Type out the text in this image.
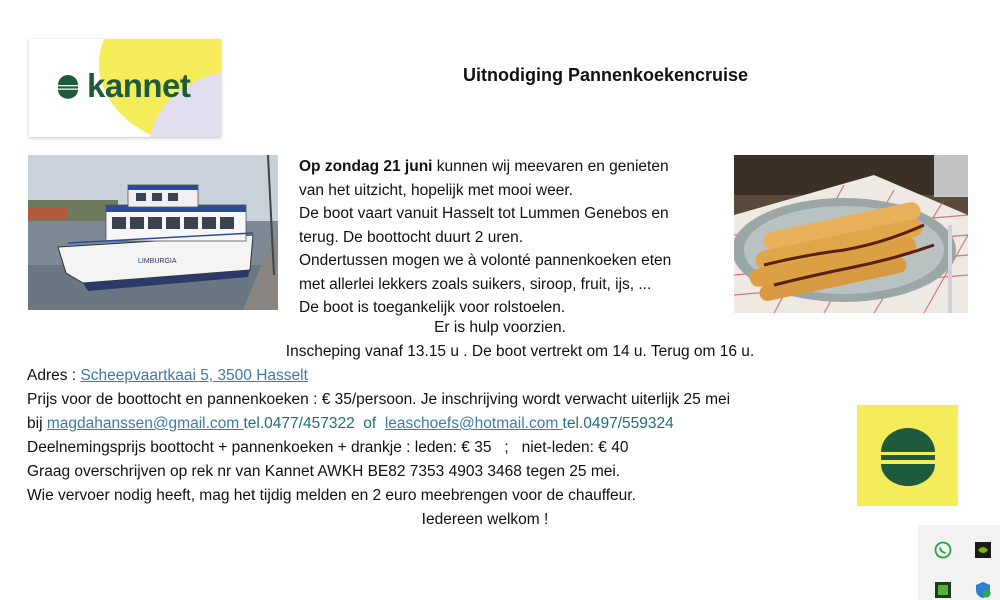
kannet	Uitnodiging Pannenkoekencruise
LIMBURGIA
Op zondag 21 juni kunnen wij meevaren en genieten
van het uitzicht, hopelijk met mooi weer.
De boot vaart vanuit Hasselt tot Lummen Genebos en
terug. De boottocht duurt 2 uren.
Ondertussen mogen we à volonté pannenkoeken eten
met allerlei lekkers zoals suikers, siroop, fruit, ijs, ...
De boot is toegankelijk voor rolstoelen.
Er is hulp voorzien.
Inscheping vanaf 13.15 u . De boot vertrekt om 14 u. Terug om 16 u.
Adres : Scheepvaartkaai 5, 3500 Hasselt
Prijs voor de boottocht en pannenkoeken : € 35/persoon. Je inschrijving wordt verwacht uiterlijk 25 mei
bij magdahanssen@gmail.com tel.0477/457322  of  leaschoefs@hotmail.com tel.0497/559324
Deelnemingsprijs boottocht + pannenkoeken + drankje : leden: € 35   ;   niet-leden: € 40
Graag overschrijven op rek nr van Kannet AWKH BE82 7353 4903 3468 tegen 25 mei.
Wie vervoer nodig heeft, mag het tijdig melden en 2 euro meebrengen voor de chauffeur.
Iedereen welkom !
